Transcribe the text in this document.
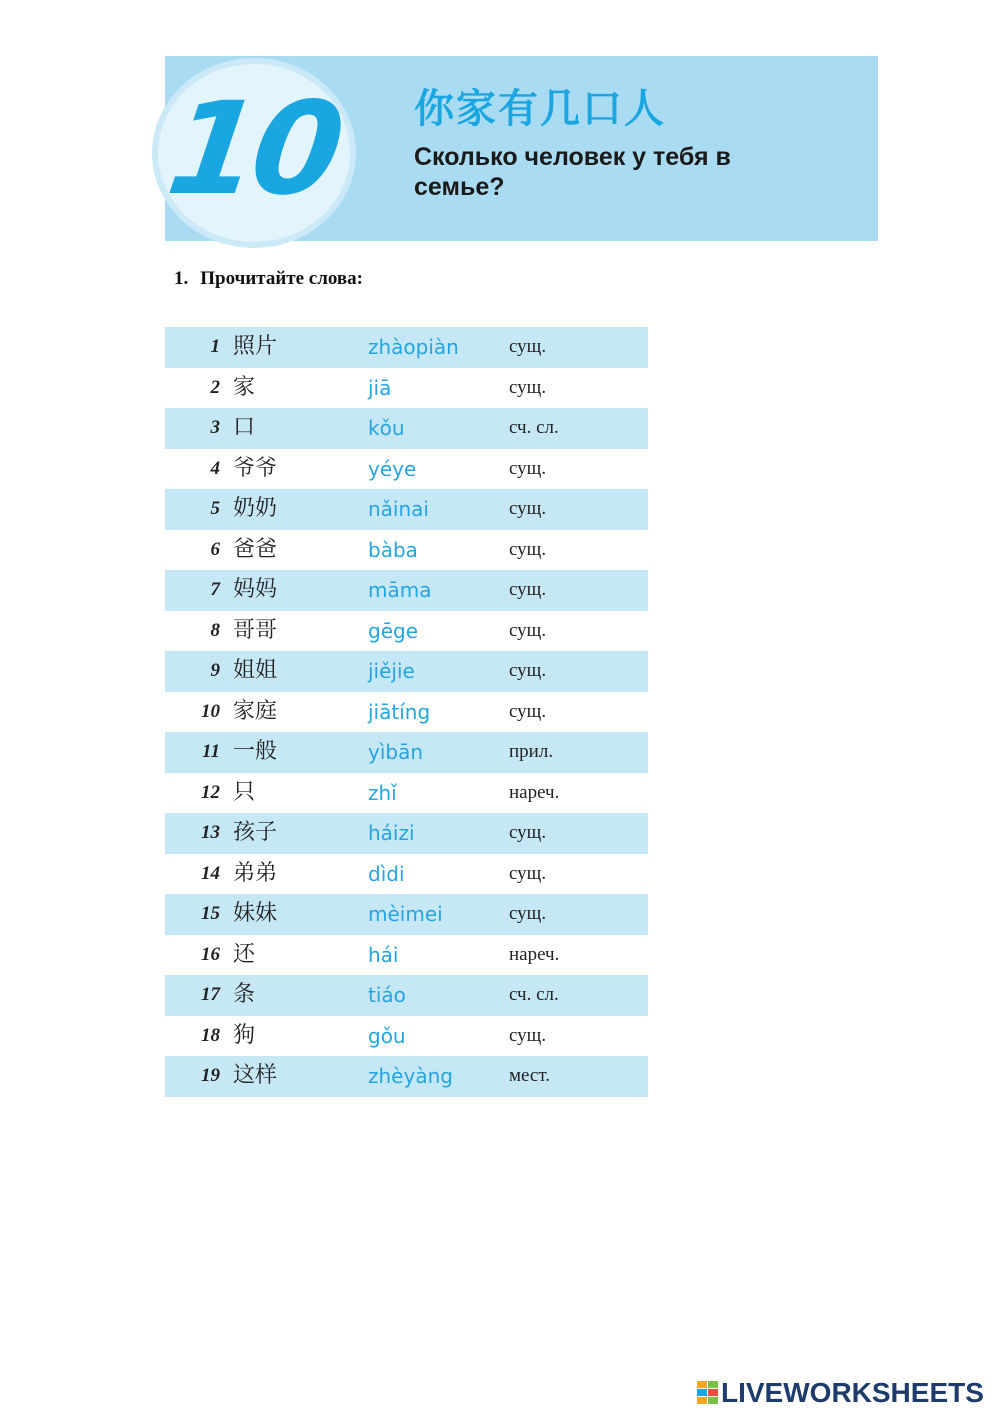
10 你家有几口人
Сколько человек у тебя в семье?
1. Прочитайте слова:
1 照片	zhàopiàn	сущ.
2 家	jiā	сущ.
3 口	kǒu	сч. сл.
4 爷爷	yéye	сущ.
5 奶奶	nǎinai	сущ.
6 爸爸	bàba	сущ.
7 妈妈	māma	сущ.
8 哥哥	gēge	сущ.
9 姐姐	jiějie	сущ.
10 家庭	jiātíng	сущ.
11 一般	yìbān	прил.
12 只	zhǐ	нареч.
13 孩子	háizi	сущ.
14 弟弟	dìdi	сущ.
15 妹妹	mèimei	сущ.
16 还	hái	нареч.
17 条	tiáo	сч. сл.
18 狗	gǒu	сущ.
19 这样	zhèyàng	мест.
LIVEWORKSHEETS
